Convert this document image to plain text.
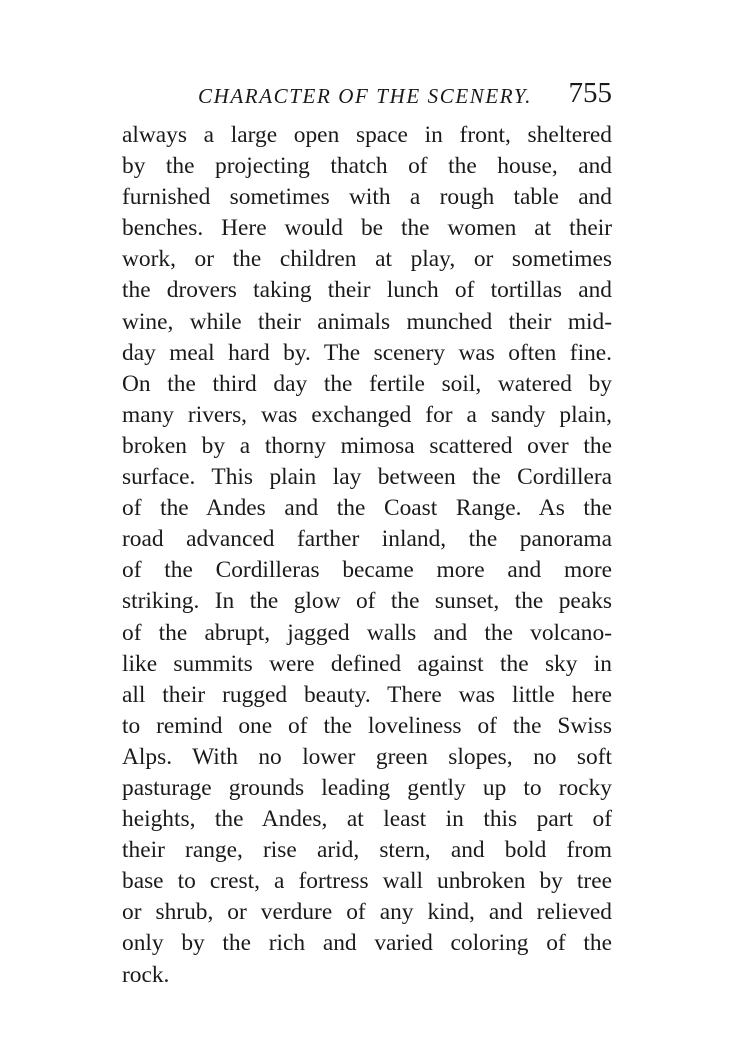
CHARACTER OF THE SCENERY. 755
always a large open space in front, sheltered
by the projecting thatch of the house, and
furnished sometimes with a rough table and
benches. Here would be the women at their
work, or the children at play, or sometimes
the drovers taking their lunch of tortillas and
wine, while their animals munched their mid-
day meal hard by. The scenery was often fine.
On the third day the fertile soil, watered by
many rivers, was exchanged for a sandy plain,
broken by a thorny mimosa scattered over the
surface. This plain lay between the Cordillera
of the Andes and the Coast Range. As the
road advanced farther inland, the panorama
of the Cordilleras became more and more
striking. In the glow of the sunset, the peaks
of the abrupt, jagged walls and the volcano-
like summits were defined against the sky in
all their rugged beauty. There was little here
to remind one of the loveliness of the Swiss
Alps. With no lower green slopes, no soft
pasturage grounds leading gently up to rocky
heights, the Andes, at least in this part of
their range, rise arid, stern, and bold from
base to crest, a fortress wall unbroken by tree
or shrub, or verdure of any kind, and relieved
only by the rich and varied coloring of the
rock.
